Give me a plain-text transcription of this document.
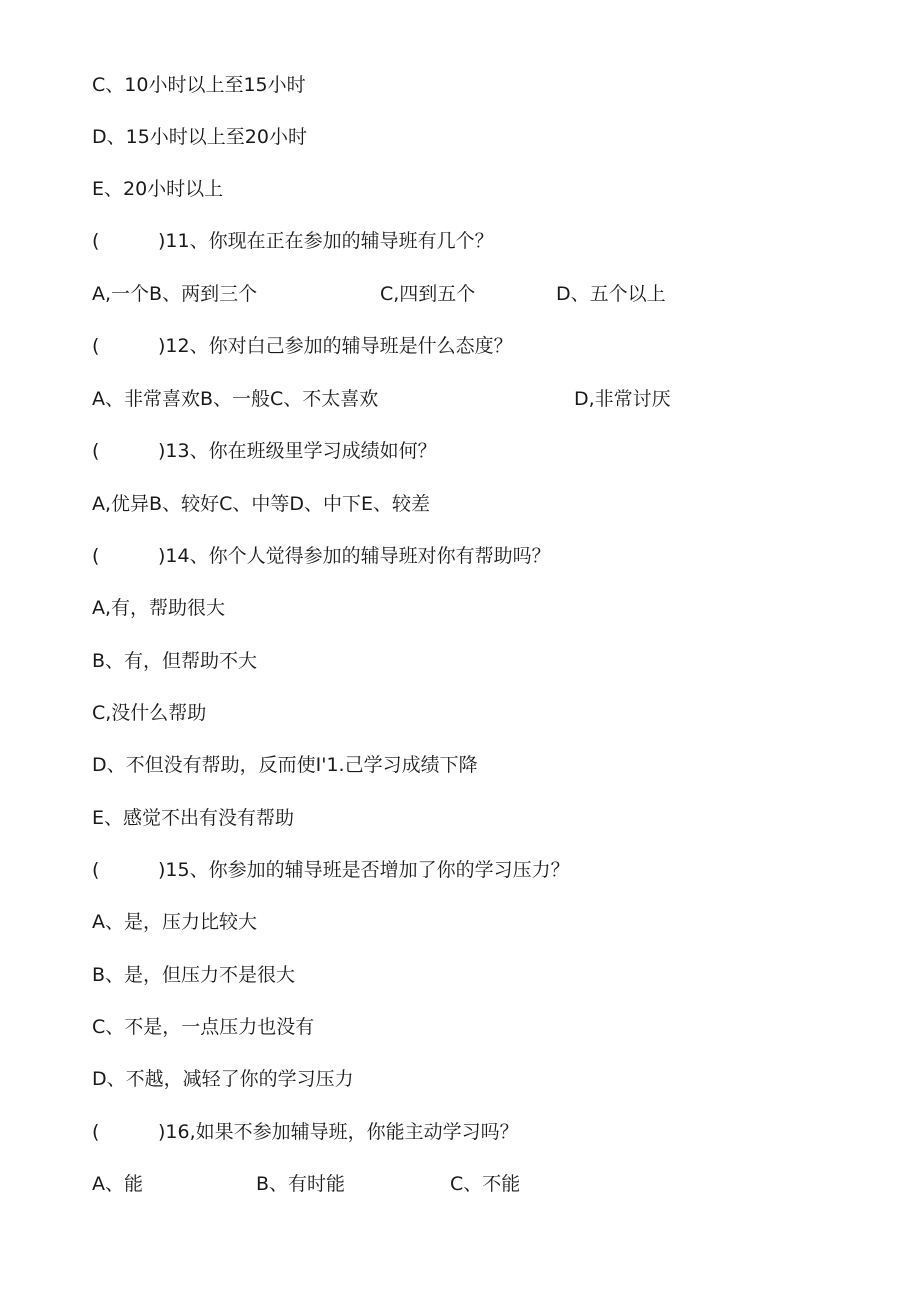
C、10小时以上至15小时
D、15小时以上至20小时
E、20小时以上
(	)11、你现在正在参加的辅导班有几个？
A,一个B、两到三个	C,四到五个	D、五个以上
(	)12、你对白己参加的辅导班是什么态度？
A、非常喜欢B、一般C、不太喜欢	D,非常讨厌
(	)13、你在班级里学习成绩如何？
A,优异B、较好C、中等D、中下E、较差
(	)14、你个人觉得参加的辅导班对你有帮助吗？
A,有，帮助很大
B、有，但帮助不大
C,没什么帮助
D、不但没有帮助，反而使I'1.己学习成绩下降
E、感觉不出有没有帮助
(	)15、你参加的辅导班是否增加了你的学习压力？
A、是，压力比较大
B、是，但压力不是很大
C、不是，一点压力也没有
D、不越，减轻了你的学习压力
(	)16,如果不参加辅导班，你能主动学习吗？
A、能	B、有时能	C、不能
